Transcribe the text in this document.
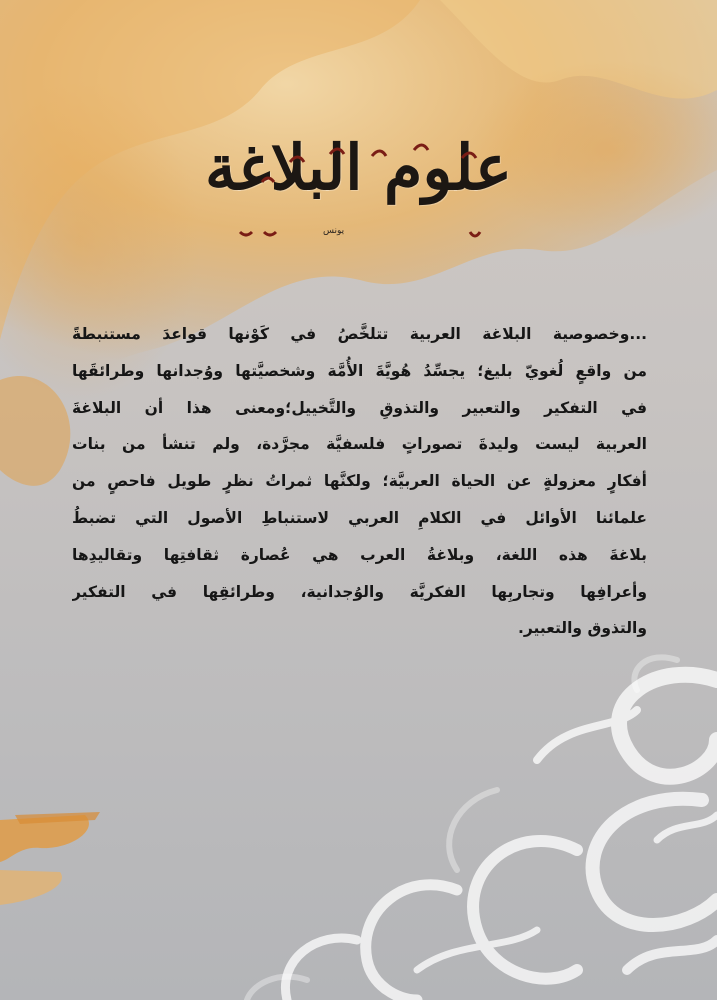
علوم البلاغة
يونس
...وخصوصية البلاغة العربية تتلخَّصُ في كَوْنها قواعدَ مستنبطةً
من واقعٍ لُغويّ بليغ؛ يجسِّدُ هُويَّةَ الأُمَّة وشخصيَّتها ووُجدانها وطرائقَها
في التفكير والتعبير والتذوقِ والتَّخييل؛ومعنى هذا أن البلاغةَ
العربية ليست وليدةَ تصوراتٍ فلسفيَّة مجرَّدة، ولم تنشأ من بنات
أفكارٍ معزولةٍ عن الحياة العربيَّة؛ ولكنَّها ثمراتُ نظرٍ طويل فاحصٍ من
علمائنا الأوائل في الكلامِ العربي لاستنباطِ الأصول التي تضبطُ
بلاغةَ هذه اللغة، وبلاغةُ العرب هي عُصارة ثقافتِها وتقاليدِها
وأعرافِها وتجاربِها الفكريَّة والوُجدانية، وطرائقِها في التفكير
والتذوق والتعبير.
